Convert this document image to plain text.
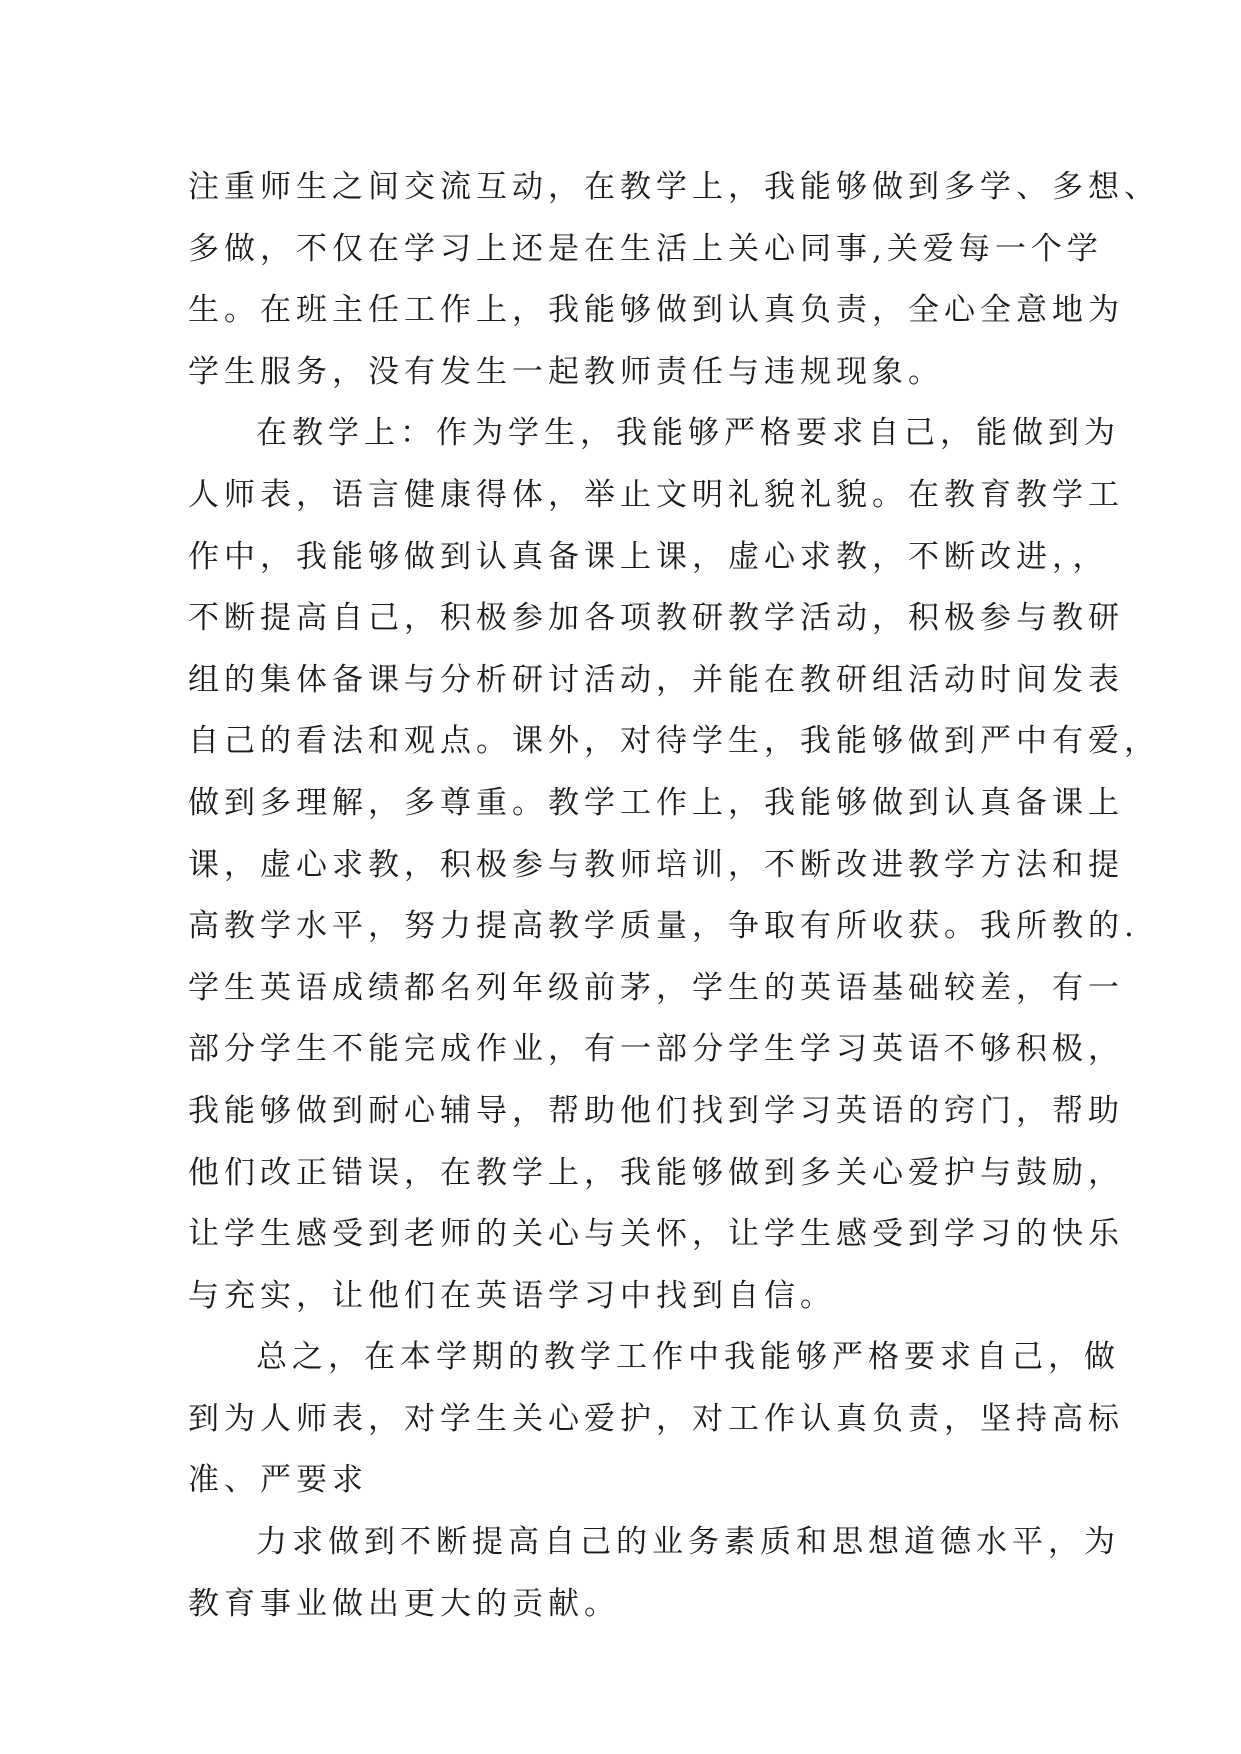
注重师生之间交流互动，在教学上，我能够做到多学、多想、
多做，不仅在学习上还是在生活上关心同事,关爱每一个学
生。在班主任工作上，我能够做到认真负责，全心全意地为
学生服务，没有发生一起教师责任与违规现象。
在教学上：作为学生，我能够严格要求自己，能做到为
人师表，语言健康得体，举止文明礼貌礼貌。在教育教学工
作中，我能够做到认真备课上课，虚心求教，不断改进，，
不断提高自己，积极参加各项教研教学活动，积极参与教研
组的集体备课与分析研讨活动，并能在教研组活动时间发表
自己的看法和观点。课外，对待学生，我能够做到严中有爱，
做到多理解，多尊重。教学工作上，我能够做到认真备课上
课，虚心求教，积极参与教师培训，不断改进教学方法和提
高教学水平，努力提高教学质量，争取有所收获。我所教的.
学生英语成绩都名列年级前茅，学生的英语基础较差，有一
部分学生不能完成作业，有一部分学生学习英语不够积极，
我能够做到耐心辅导，帮助他们找到学习英语的窍门，帮助
他们改正错误，在教学上，我能够做到多关心爱护与鼓励，
让学生感受到老师的关心与关怀，让学生感受到学习的快乐
与充实，让他们在英语学习中找到自信。
总之，在本学期的教学工作中我能够严格要求自己，做
到为人师表，对学生关心爱护，对工作认真负责，坚持高标
准、严要求
力求做到不断提高自己的业务素质和思想道德水平，为
教育事业做出更大的贡献。
